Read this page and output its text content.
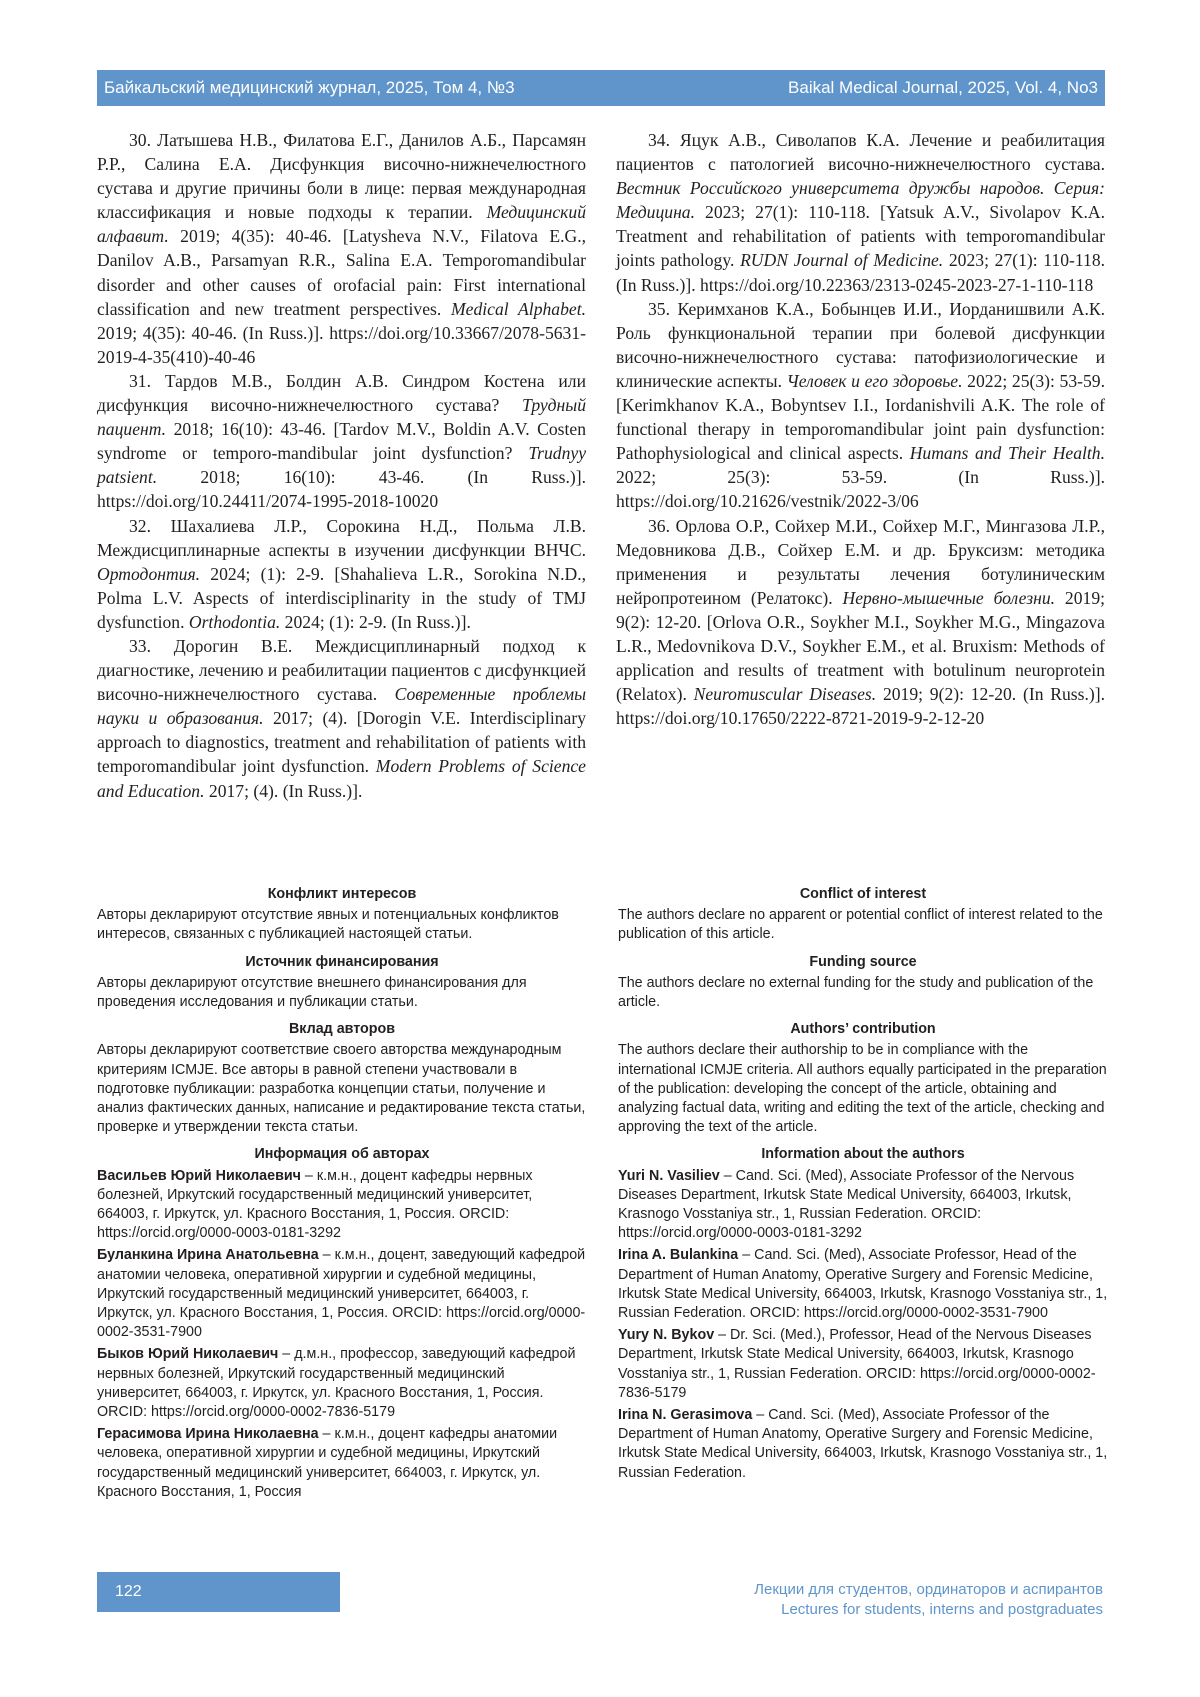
Байкальский медицинский журнал, 2025, Том 4, №3	Baikal Medical Journal, 2025, Vol. 4, No3

30. Латышева Н.В., Филатова Е.Г., Данилов А.Б., Парсамян Р.Р., Салина Е.А. Дисфункция височно-нижнечелюстного сустава и другие причины боли в лице: первая международная классификация и новые подходы к терапии. Медицинский алфавит. 2019; 4(35): 40-46. [Latysheva N.V., Filatova E.G., Danilov A.B., Parsamyan R.R., Salina E.A. Temporomandibular disorder and other causes of orofacial pain: First international classification and new treatment perspectives. Medical Alphabet. 2019; 4(35): 40-46. (In Russ.)]. https://doi.org/10.33667/2078-5631-2019-4-35(410)-40-46

31. Тардов М.В., Болдин А.В. Синдром Костена или дисфункция височно-нижнечелюстного сустава? Трудный пациент. 2018; 16(10): 43-46. [Tardov M.V., Boldin A.V. Costen syndrome or temporo-mandibular joint dysfunction? Trudnyy patsient. 2018; 16(10): 43-46. (In Russ.)]. https://doi.org/10.24411/2074-1995-2018-10020

32. Шахалиева Л.Р., Сорокина Н.Д., Польма Л.В. Междисциплинарные аспекты в изучении дисфункции ВНЧС. Ортодонтия. 2024; (1): 2-9. [Shahalieva L.R., Sorokina N.D., Polma L.V. Aspects of interdisciplinarity in the study of TMJ dysfunction. Orthodontia. 2024; (1): 2-9. (In Russ.)].

33. Дорогин В.Е. Междисциплинарный подход к диагностике, лечению и реабилитации пациентов с дисфункцией височно-нижнечелюстного сустава. Современные проблемы науки и образования. 2017; (4). [Dorogin V.E. Interdisciplinary approach to diagnostics, treatment and rehabilitation of patients with temporomandibular joint dysfunction. Modern Problems of Science and Education. 2017; (4). (In Russ.)].

34. Яцук А.В., Сиволапов К.А. Лечение и реабилитация пациентов с патологией височно-нижнечелюстного сустава. Вестник Российского университета дружбы народов. Серия: Медицина. 2023; 27(1): 110-118. [Yatsuk A.V., Sivolapov K.A. Treatment and rehabilitation of patients with temporomandibular joints pathology. RUDN Journal of Medicine. 2023; 27(1): 110-118. (In Russ.)]. https://doi.org/10.22363/2313-0245-2023-27-1-110-118

35. Керимханов К.А., Бобынцев И.И., Иорданишвили А.К. Роль функциональной терапии при болевой дисфункции височно-нижнечелюстного сустава: патофизиологические и клинические аспекты. Человек и его здоровье. 2022; 25(3): 53-59. [Kerimkhanov K.A., Bobyntsev I.I., Iordanishvili A.K. The role of functional therapy in temporomandibular joint pain dysfunction: Pathophysiological and clinical aspects. Humans and Their Health. 2022; 25(3): 53-59. (In Russ.)]. https://doi.org/10.21626/vestnik/2022-3/06

36. Орлова О.Р., Сойхер М.И., Сойхер М.Г., Мингазова Л.Р., Медовникова Д.В., Сойхер Е.М. и др. Бруксизм: методика применения и результаты лечения ботулиническим нейропротеином (Релатокс). Нервно-мышечные болезни. 2019; 9(2): 12-20. [Orlova O.R., Soykher M.I., Soykher M.G., Mingazova L.R., Medovnikova D.V., Soykher E.M., et al. Bruxism: Methods of application and results of treatment with botulinum neuroprotein (Relatox). Neuromuscular Diseases. 2019; 9(2): 12-20. (In Russ.)]. https://doi.org/10.17650/2222-8721-2019-9-2-12-20

Конфликт интересов

Авторы декларируют отсутствие явных и потенциальных конфликтов интересов, связанных с публикацией настоящей статьи.

Источник финансирования

Авторы декларируют отсутствие внешнего финансирования для проведения исследования и публикации статьи.

Вклад авторов

Авторы декларируют соответствие своего авторства международным критериям ICMJE. Все авторы в равной степени участвовали в подготовке публикации: разработка концепции статьи, получение и анализ фактических данных, написание и редактирование текста статьи, проверке и утверждении текста статьи.

Информация об авторах

Васильев Юрий Николаевич – к.м.н., доцент кафедры нервных болезней, Иркутский государственный медицинский университет, 664003, г. Иркутск, ул. Красного Восстания, 1, Россия. ORCID: https://orcid.org/0000-0003-0181-3292

Буланкина Ирина Анатольевна – к.м.н., доцент, заведующий кафедрой анатомии человека, оперативной хирургии и судебной медицины, Иркутский государственный медицинский университет, 664003, г. Иркутск, ул. Красного Восстания, 1, Россия. ORCID: https://orcid.org/0000-0002-3531-7900

Быков Юрий Николаевич – д.м.н., профессор, заведующий кафедрой нервных болезней, Иркутский государственный медицинский университет, 664003, г. Иркутск, ул. Красного Восстания, 1, Россия. ORCID: https://orcid.org/0000-0002-7836-5179

Герасимова Ирина Николаевна – к.м.н., доцент кафедры анатомии человека, оперативной хирургии и судебной медицины, Иркутский государственный медицинский университет, 664003, г. Иркутск, ул. Красного Восстания, 1, Россия

Conflict of interest

The authors declare no apparent or potential conflict of interest related to the publication of this article.

Funding source

The authors declare no external funding for the study and publication of the article.

Authors’ contribution

The authors declare their authorship to be in compliance with the international ICMJE criteria. All authors equally participated in the preparation of the publication: developing the concept of the article, obtaining and analyzing factual data, writing and editing the text of the article, checking and approving the text of the article.

Information about the authors

Yuri N. Vasiliev – Cand. Sci. (Med), Associate Professor of the Nervous Diseases Department, Irkutsk State Medical University, 664003, Irkutsk, Krasnogo Vosstaniya str., 1, Russian Federation. ORCID: https://orcid.org/0000-0003-0181-3292

Irina A. Bulankina – Cand. Sci. (Med), Associate Professor, Head of the Department of Human Anatomy, Operative Surgery and Forensic Medicine, Irkutsk State Medical University, 664003, Irkutsk, Krasnogo Vosstaniya str., 1, Russian Federation. ORCID: https://orcid.org/0000-0002-3531-7900

Yury N. Bykov – Dr. Sci. (Med.), Professor, Head of the Nervous Diseases Department, Irkutsk State Medical University, 664003, Irkutsk, Krasnogo Vosstaniya str., 1, Russian Federation. ORCID: https://orcid.org/0000-0002-7836-5179

Irina N. Gerasimova – Cand. Sci. (Med), Associate Professor of the Department of Human Anatomy, Operative Surgery and Forensic Medicine, Irkutsk State Medical University, 664003, Irkutsk, Krasnogo Vosstaniya str., 1, Russian Federation.

122	Лекции для студентов, ординаторов и аспирантов
Lectures for students, interns and postgraduates
